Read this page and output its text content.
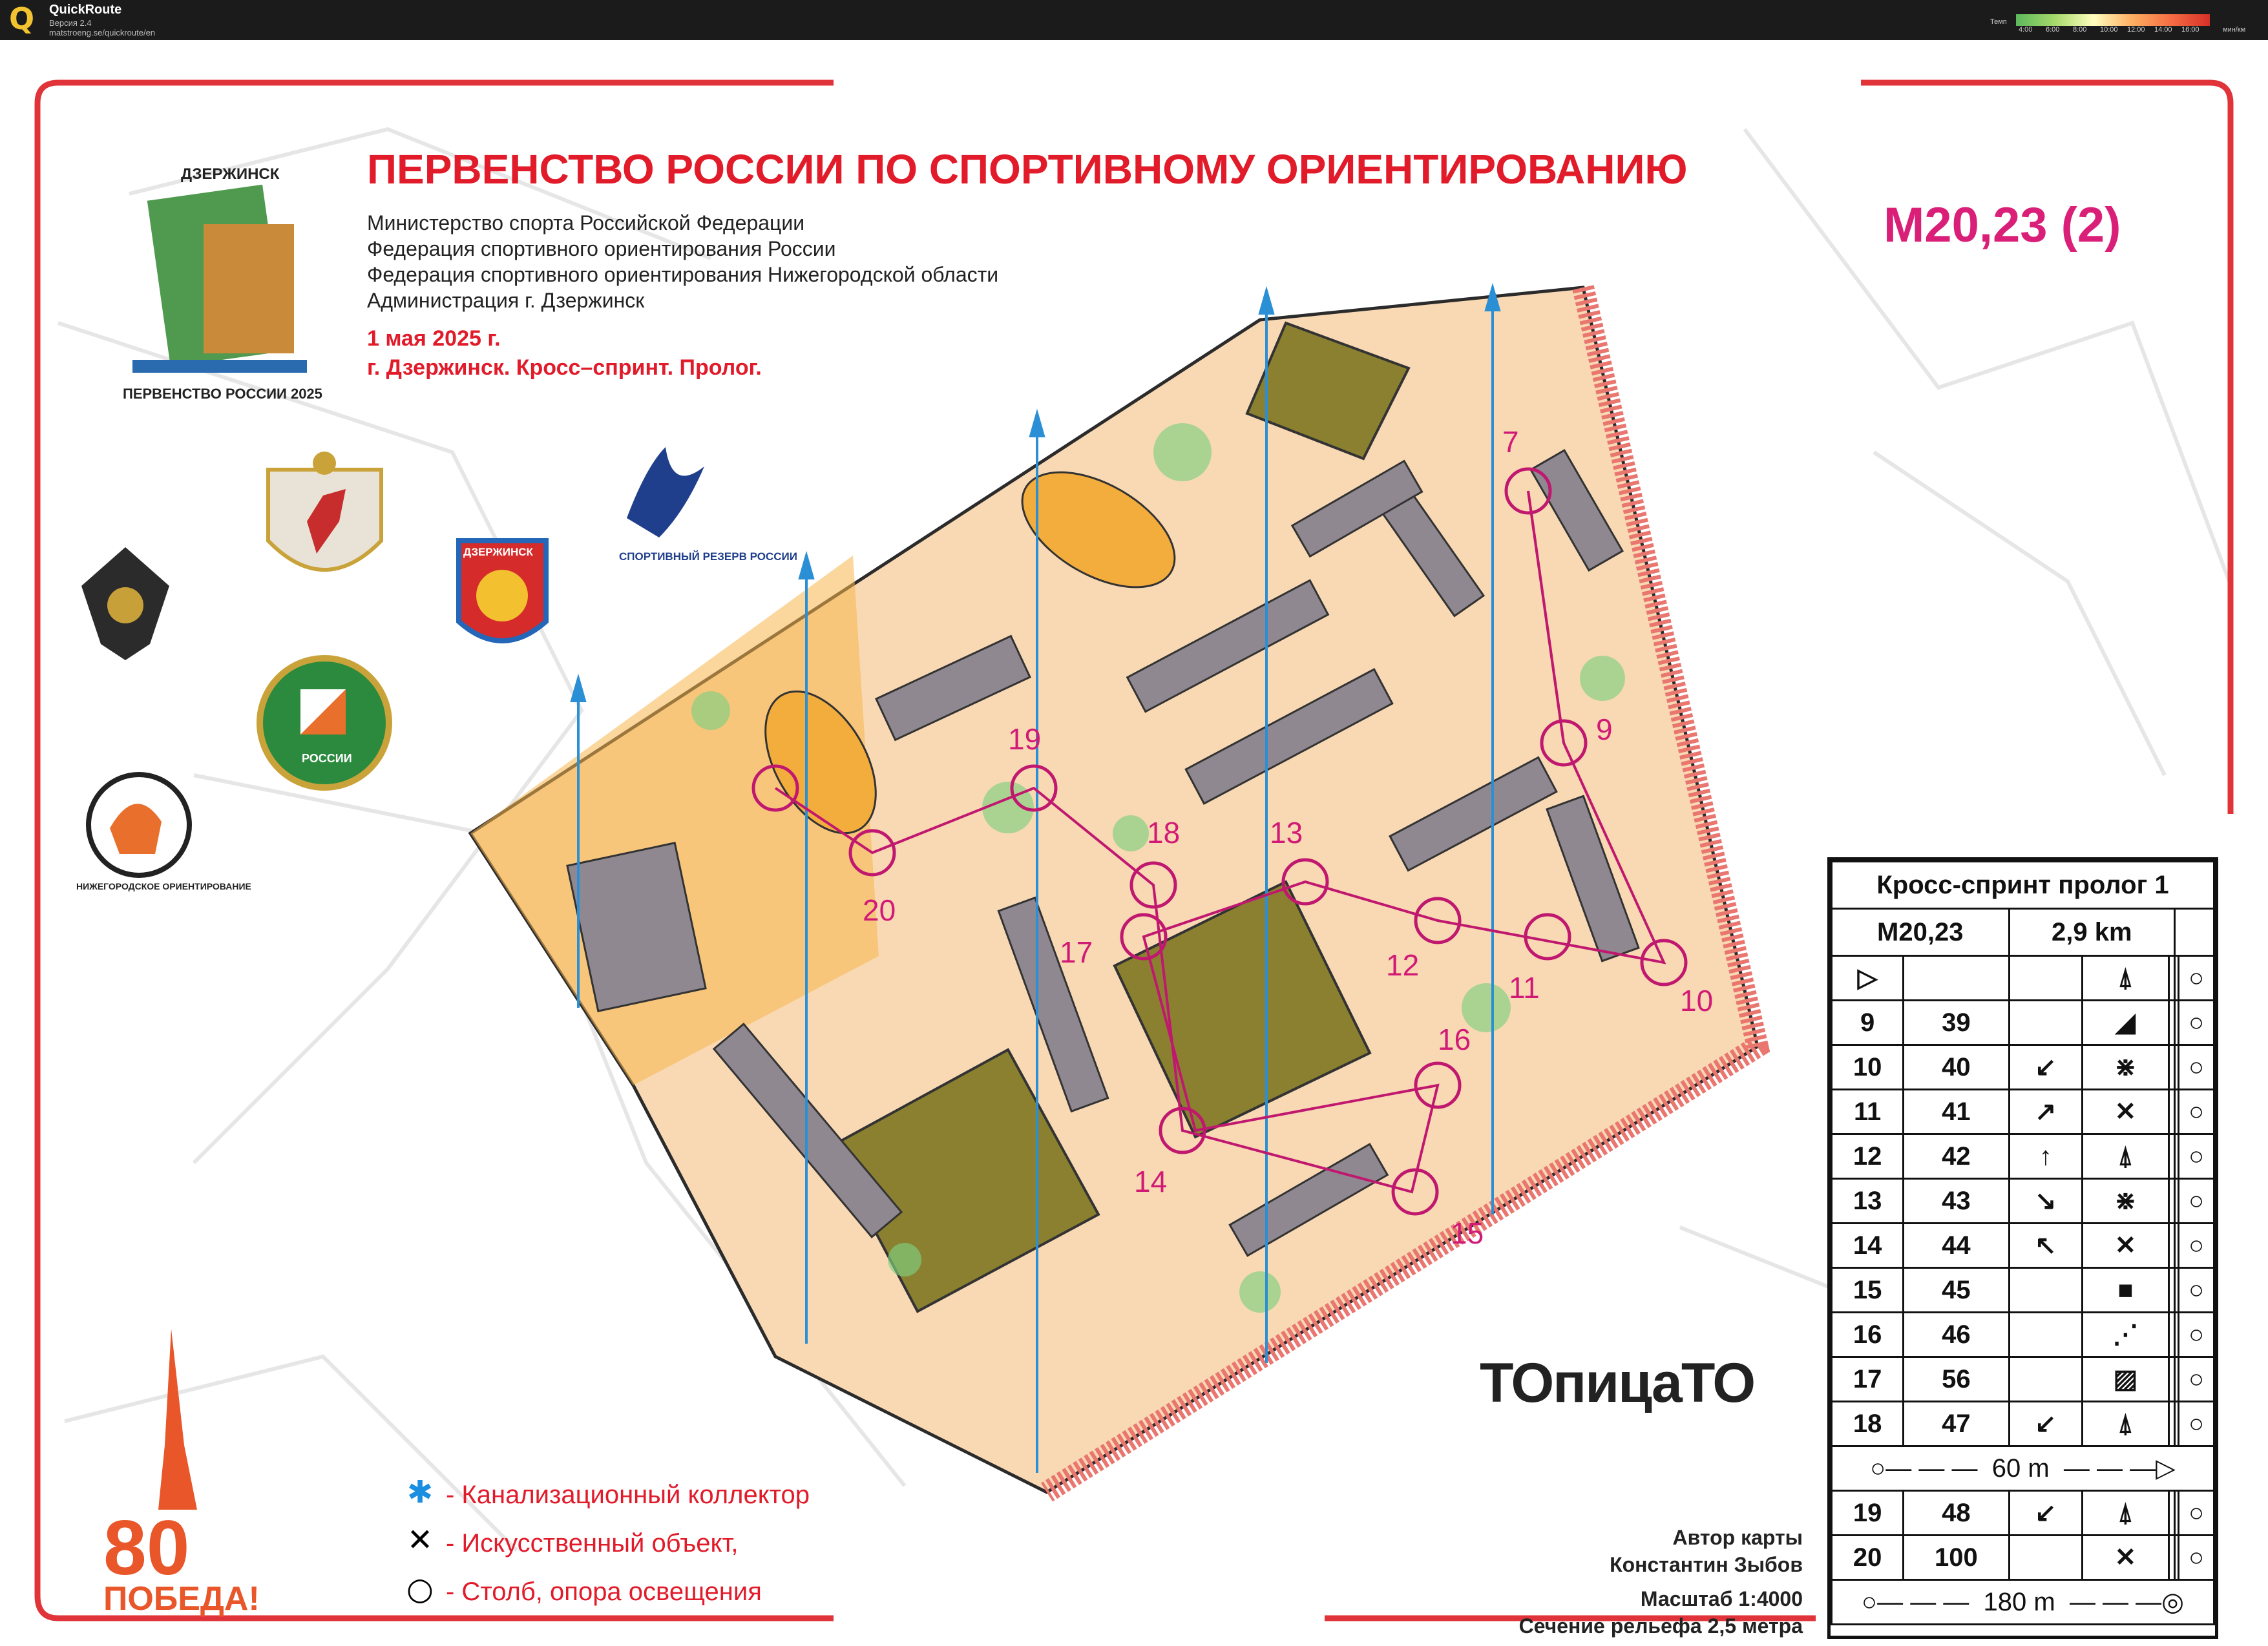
Q	QuickRoute
Версия 2.4
matstroeng.se/quickroute/en
Темп
4:00 6:00 8:00 10:00 12:00 14:00 16:00	мин/км
7
9
10
11
12
13
14
15
16
17
18
19
20
ПЕРВЕНСТВО РОССИИ ПО СПОРТИВНОМУ ОРИЕНТИРОВАНИЮ
Министерство спорта Российской Федерации
Федерация спортивного ориентирования России
Федерация спортивного ориентирования Нижегородской области
Администрация г. Дзержинск
1 мая 2025 г.
г. Дзержинск. Кросс–спринт. Пролог.
М20,23 (2)
ДЗЕРЖИНСК
ПЕРВЕНСТВО РОССИИ 2025
ДЗЕРЖИНСК	СПОРТИВНЫЙ РЕЗЕРВ РОССИИ
РОССИИ
НИЖЕГОРОДСКОЕ ОРИЕНТИРОВАНИЕ
80
ПОБЕДА!
ТОпицаТО
✱ - Канализационный коллектор
✕ - Искусственный объект,
○ - Столб, опора освещения
Автор карты
Константин Зыбов
Масштаб 1:4000
Сечение рельефа 2,5 метра
Кросс-спринт пролог 1						
М20,23		2,9 km				
▷			⍋			○
9	39		◢			○
10	40	↙	⋇			○
11	41	↗	✕			○
12	42	↑	⍋			○
13	43	↘	⋇			○
14	44	↖	✕			○
15	45		■			○
16	46		⋰			○
17	56		▨			○
18	47	↙	⍋			○
○— — —  60 m  — — —▷						
19	48	↙	⍋			○
20	100		✕			○
○— — —  180 m  — — —◎						
